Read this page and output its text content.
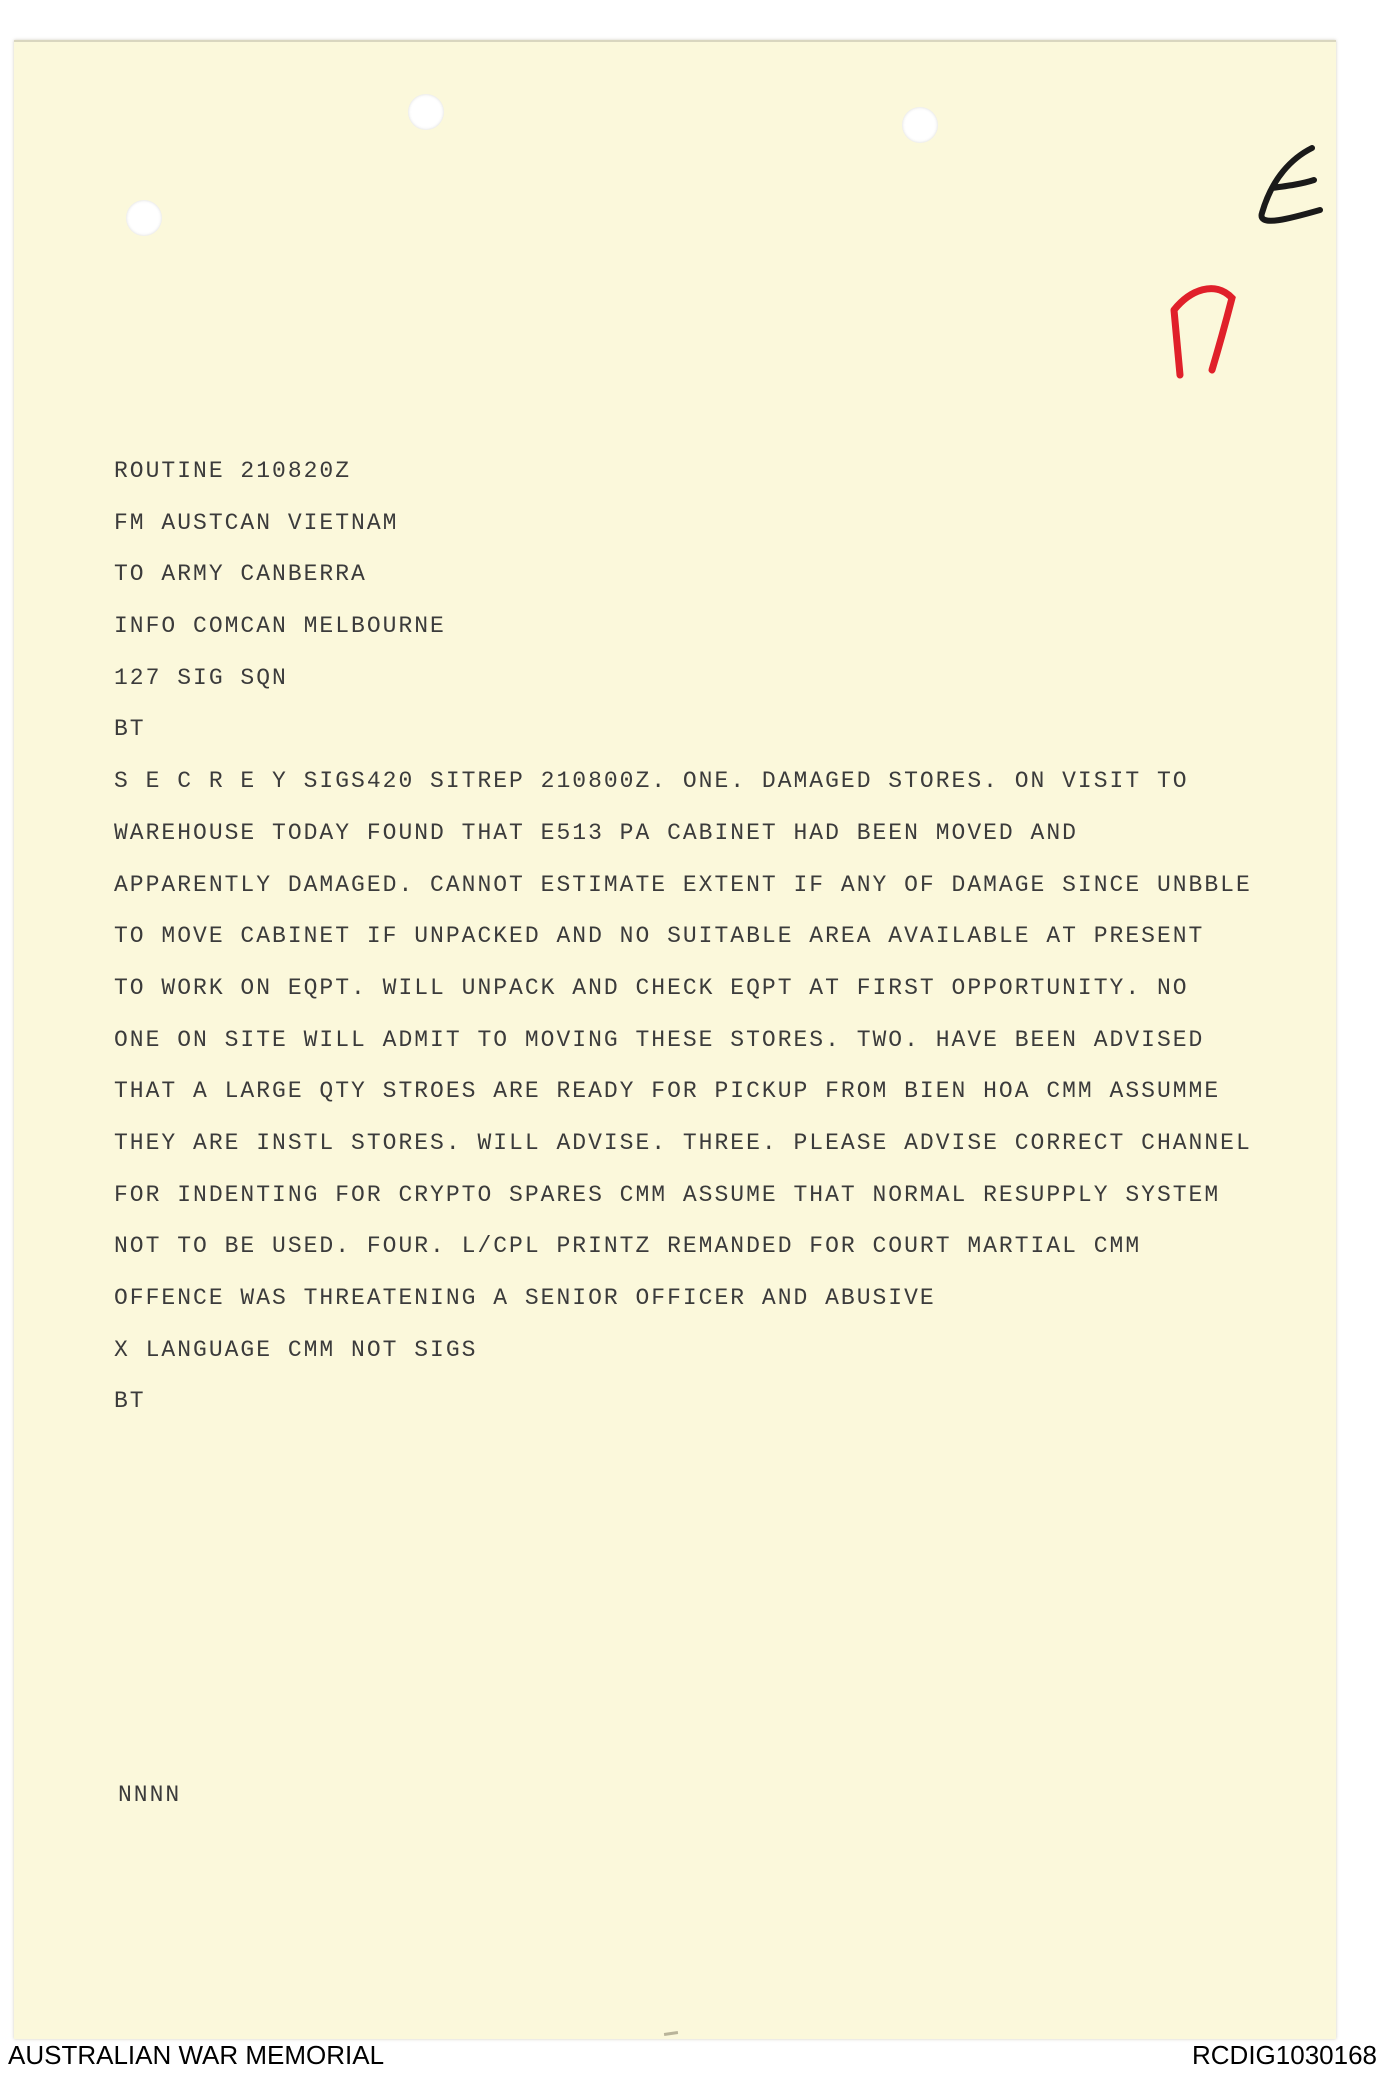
ROUTINE 210820Z
FM AUSTCAN VIETNAM
TO ARMY CANBERRA
INFO COMCAN MELBOURNE
127 SIG SQN
BT
S E C R E Y SIGS420 SITREP 210800Z. ONE. DAMAGED STORES. ON VISIT TO
WAREHOUSE TODAY FOUND THAT E513 PA CABINET HAD BEEN MOVED AND
APPARENTLY DAMAGED. CANNOT ESTIMATE EXTENT IF ANY OF DAMAGE SINCE UNBBLE
TO MOVE CABINET IF UNPACKED AND NO SUITABLE AREA AVAILABLE AT PRESENT
TO WORK ON EQPT. WILL UNPACK AND CHECK EQPT AT FIRST OPPORTUNITY. NO
ONE ON SITE WILL ADMIT TO MOVING THESE STORES. TWO. HAVE BEEN ADVISED
THAT A LARGE QTY STROES ARE READY FOR PICKUP FROM BIEN HOA CMM ASSUMME
THEY ARE INSTL STORES. WILL ADVISE. THREE. PLEASE ADVISE CORRECT CHANNEL
FOR INDENTING FOR CRYPTO SPARES CMM ASSUME THAT NORMAL RESUPPLY SYSTEM
NOT TO BE USED. FOUR. L/CPL PRINTZ REMANDED FOR COURT MARTIAL CMM
OFFENCE WAS THREATENING A SENIOR OFFICER AND ABUSIVE
X LANGUAGE CMM NOT SIGS
BT
NNNN
AUSTRALIAN WAR MEMORIAL	RCDIG1030168
